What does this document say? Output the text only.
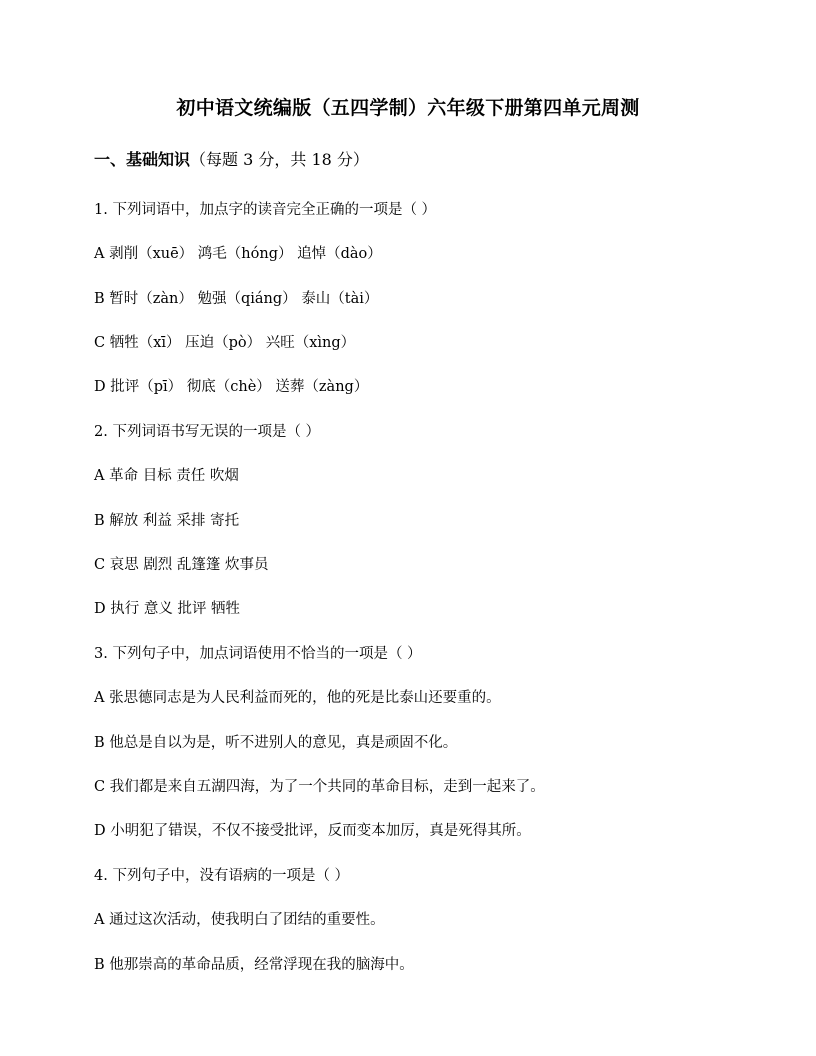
初中语文统编版（五四学制）六年级下册第四单元周测
一、基础知识（每题 3 分，共 18 分）
1. 下列词语中，加点字的读音完全正确的一项是（ ）
A 剥削（xuē） 鸿毛（hóng） 追悼（dào）
B 暂时（zàn） 勉强（qiáng） 泰山（tài）
C 牺牲（xī） 压迫（pò） 兴旺（xìng）
D 批评（pī） 彻底（chè） 送葬（zàng）
2. 下列词语书写无误的一项是（ ）
A 革命 目标 责任 吹烟
B 解放 利益 采排 寄托
C 哀思 剧烈 乱篷篷 炊事员
D 执行 意义 批评 牺牲
3. 下列句子中，加点词语使用不恰当的一项是（ ）
A 张思德同志是为人民利益而死的，他的死是比泰山还要重的。
B 他总是自以为是，听不进别人的意见，真是顽固不化。
C 我们都是来自五湖四海，为了一个共同的革命目标，走到一起来了。
D 小明犯了错误，不仅不接受批评，反而变本加厉，真是死得其所。
4. 下列句子中，没有语病的一项是（ ）
A 通过这次活动，使我明白了团结的重要性。
B 他那崇高的革命品质，经常浮现在我的脑海中。
